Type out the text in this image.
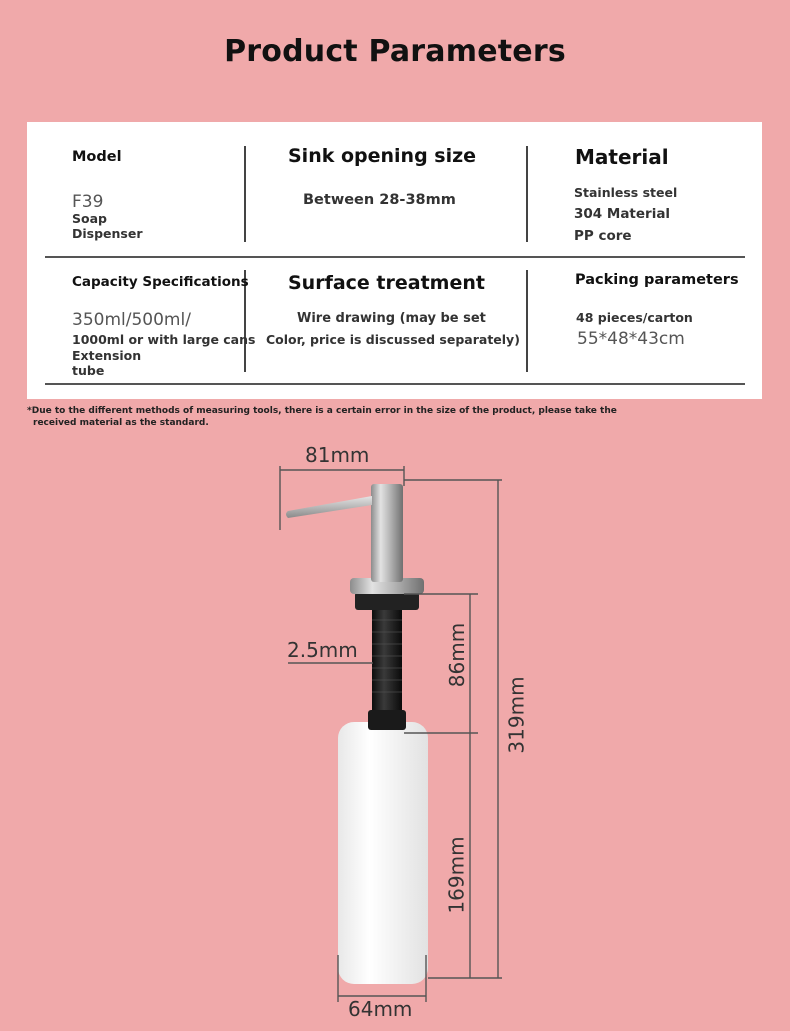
Product Parameters
Model
F39
Soap
Dispenser
Sink opening size
Between 28-38mm
Material
Stainless steel
304 Material
PP core
Capacity Specifications
350ml/500ml/
1000ml or with large cans
Extension
tube
Surface treatment
Wire drawing (may be set
Color, price is discussed separately)
Packing parameters
48 pieces/carton
55*48*43cm
*Due to the different methods of measuring tools, there is a certain error in the size of the product, please take the
received material as the standard.
81mm
2.5mm	86mm
319mm
169mm
64mm
